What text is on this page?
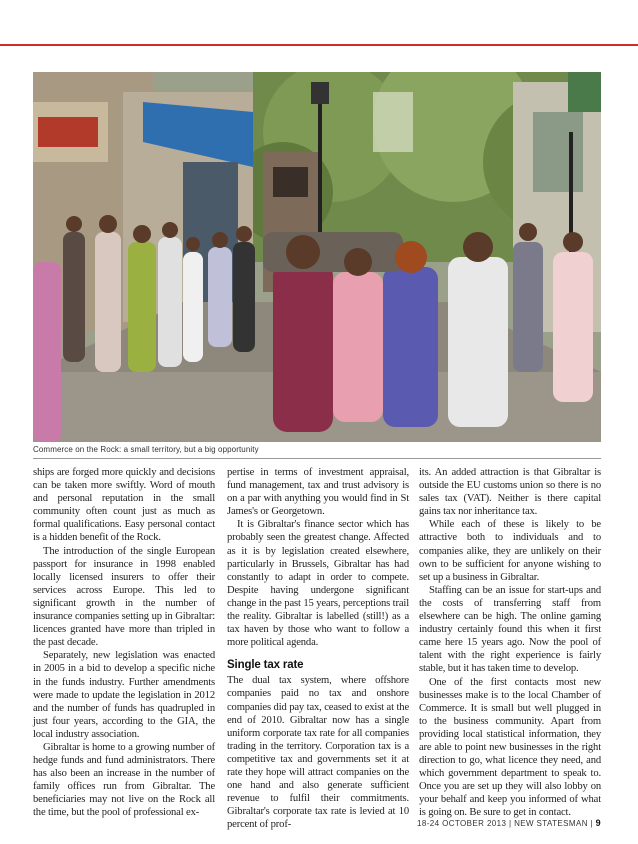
Commerce on the Rock: a small territory, but a big opportunity

ships are forged more quickly and decisions can be taken more swiftly. Word of mouth and personal reputation in the small community often count just as much as formal qualifications. Easy personal contact is a hidden benefit of the Rock.

The introduction of the single European passport for insurance in 1998 enabled locally licensed insurers to offer their services across Europe. This led to significant growth in the number of insurance companies setting up in Gibraltar: licences granted have more than tripled in the past decade.

Separately, new legislation was enacted in 2005 in a bid to develop a specific niche in the funds industry. Further amendments were made to update the legislation in 2012 and the number of funds has quadrupled in just four years, according to the GIA, the local industry association.

Gibraltar is home to a growing number of hedge funds and fund administrators. There has also been an increase in the number of family offices run from Gibraltar. The beneficiaries may not live on the Rock all the time, but the pool of professional ex-

pertise in terms of investment appraisal, fund management, tax and trust advisory is on a par with anything you would find in St James's or Georgetown.

It is Gibraltar's finance sector which has probably seen the greatest change. Affected as it is by legislation created elsewhere, particularly in Brussels, Gibraltar has had constantly to adapt in order to compete. Despite having undergone significant change in the past 15 years, perceptions trail the reality. Gibraltar is labelled (still!) as a tax haven by those who want to follow a more political agenda.

Single tax rate

The dual tax system, where offshore companies paid no tax and onshore companies did pay tax, ceased to exist at the end of 2010. Gibraltar now has a single uniform corporate tax rate for all companies trading in the territory. Corporation tax is a competitive tax and governments set it at rate they hope will attract companies on the one hand and also generate sufficient revenue to fulfil their commitments. Gibraltar's corporate tax rate is levied at 10 percent of prof-

its. An added attraction is that Gibraltar is outside the EU customs union so there is no sales tax (VAT). Neither is there capital gains tax nor inheritance tax.

While each of these is likely to be attractive both to individuals and to companies alike, they are unlikely on their own to be sufficient for anyone wishing to set up a business in Gibraltar.

Staffing can be an issue for start-ups and the costs of transferring staff from elsewhere can be high. The online gaming industry certainly found this when it first came here 15 years ago. Now the pool of talent with the right experience is fairly stable, but it has taken time to develop.

One of the first contacts most new businesses make is to the local Chamber of Commerce. It is small but well plugged in to the business community. Apart from providing local statistical information, they are able to point new businesses in the right direction to go, what licence they need, and which government department to speak to. Once you are set up they will also lobby on your behalf and keep you informed of what is going on. Be sure to get in contact.

18-24 OCTOBER 2013 | NEW STATESMAN | 9
